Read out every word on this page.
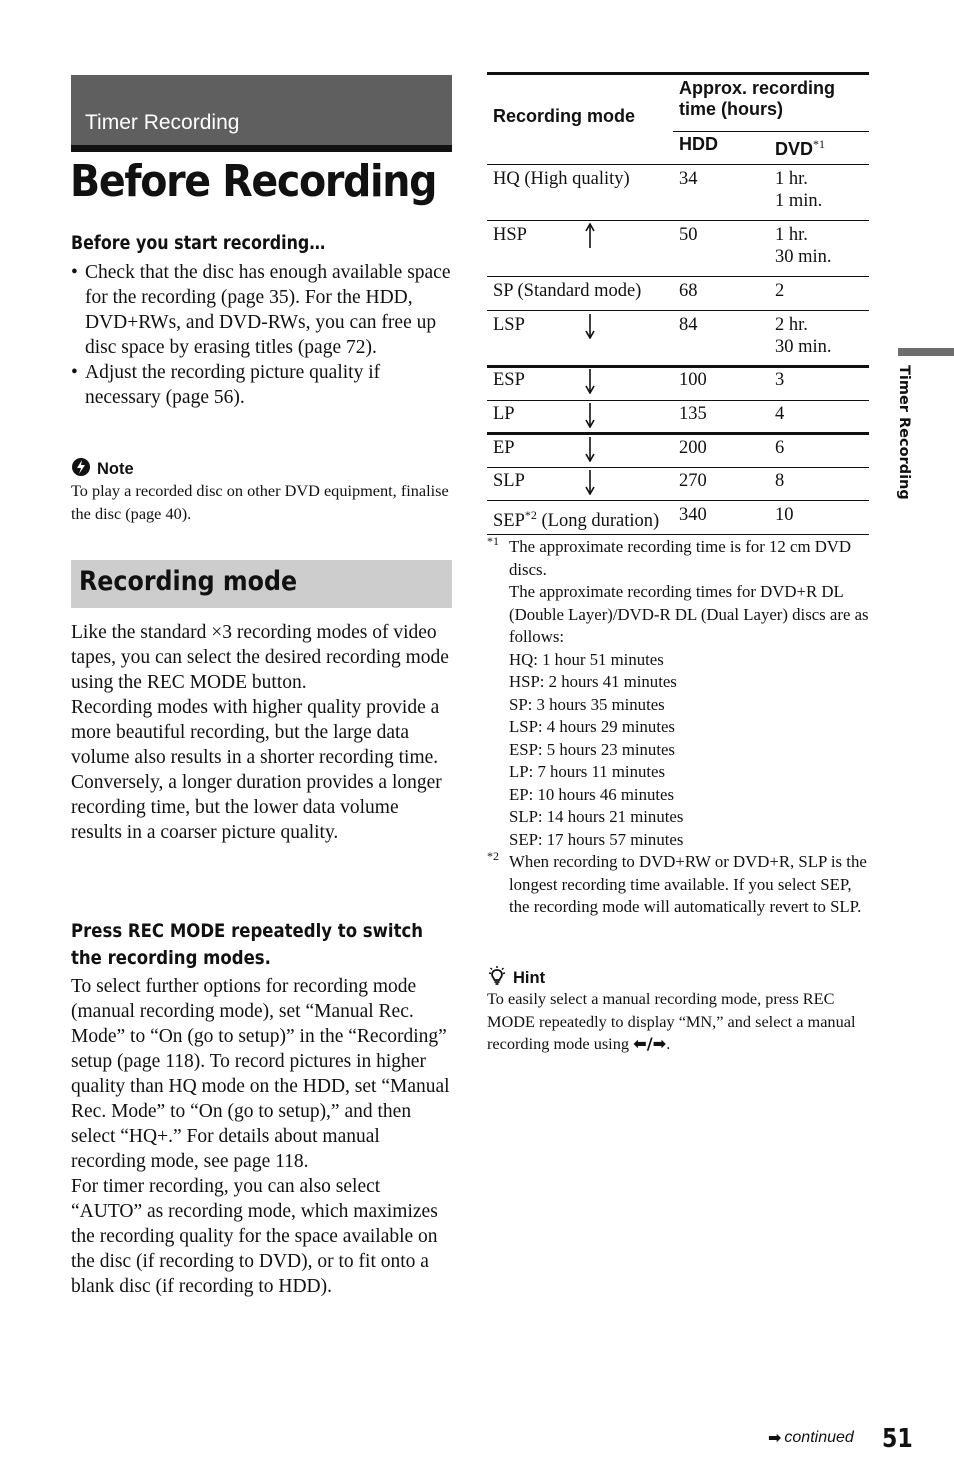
Timer Recording
Before Recording
Before you start recording…
• Check that the disc has enough available space for the recording (page 35). For the HDD, DVD+RWs, and DVD-RWs, you can free up disc space by erasing titles (page 72).
• Adjust the recording picture quality if necessary (page 56).
Note
To play a recorded disc on other DVD equipment, finalise the disc (page 40).
Recording mode
Like the standard ×3 recording modes of video tapes, you can select the desired recording mode using the REC MODE button.
Recording modes with higher quality provide a more beautiful recording, but the large data volume also results in a shorter recording time.
Conversely, a longer duration provides a longer recording time, but the lower data volume results in a coarser picture quality.
Press REC MODE repeatedly to switch the recording modes.
To select further options for recording mode (manual recording mode), set “Manual Rec. Mode” to “On (go to setup)” in the “Recording” setup (page 118). To record pictures in higher quality than HQ mode on the HDD, set “Manual Rec. Mode” to “On (go to setup),” and then select “HQ+.” For details about manual recording mode, see page 118.
For timer recording, you can also select “AUTO” as recording mode, which maximizes the recording quality for the space available on the disc (if recording to DVD), or to fit onto a blank disc (if recording to HDD).
Recording mode
Approx. recording time (hours)
HDD	DVD$^{*1}$
HQ (High quality)	34	1 hr.
1 min.
HSP	50	1 hr.
30 min.
SP (Standard mode) 68	2
LSP	84	2 hr.
30 min.
ESP	100	3
LP	135	4
EP	200	6
SLP	270	8
SEP$^{*2}$ (Long duration) 340	10
*1 The approximate recording time is for 12 cm DVD discs.
The approximate recording times for DVD+R DL (Double Layer)/DVD-R DL (Dual Layer) discs are as follows:
HQ: 1 hour 51 minutes
HSP: 2 hours 41 minutes
SP: 3 hours 35 minutes
LSP: 4 hours 29 minutes
ESP: 5 hours 23 minutes
LP: 7 hours 11 minutes
EP: 10 hours 46 minutes
SLP: 14 hours 21 minutes
SEP: 17 hours 57 minutes
*2 When recording to DVD+RW or DVD+R, SLP is the longest recording time available. If you select SEP, the recording mode will automatically revert to SLP.
Hint
To easily select a manual recording mode, press REC MODE repeatedly to display “MN,” and select a manual recording mode using ⬅/➡.
Timer Recording
➡ continued 51
